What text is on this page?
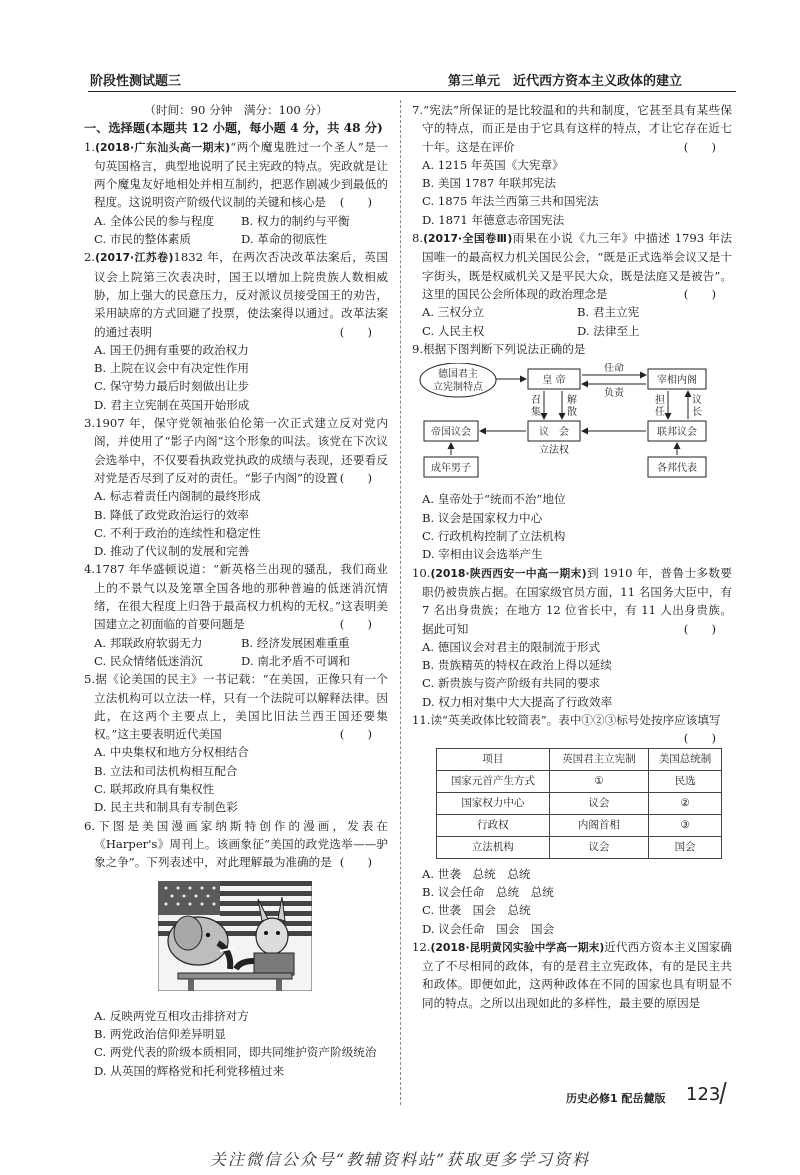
阶段性测试题三	第三单元　近代西方资本主义政体的建立

（时间：90 分钟　满分：100 分）

一、选择题(本题共 12 小题，每小题 4 分，共 48 分)

1.(2018·广东汕头高一期末)“两个魔鬼胜过一个圣人”是一句英国格言，典型地说明了民主宪政的特点。宪政就是让两个魔鬼友好地相处并相互制约，把恶作剧减少到最低的程度。这说明资产阶级代议制的关键和核心是 (　　)

A. 全体公民的参与程度	B. 权力的制约与平衡
C. 市民的整体素质	D. 革命的彻底性

2.(2017·江苏卷)1832 年，在两次否决改革法案后，英国议会上院第三次表决时，国王以增加上院贵族人数相威胁，加上强大的民意压力，反对派议员接受国王的劝告，采用缺席的方式回避了投票，使法案得以通过。改革法案的通过表明	(　　)

A. 国王仍拥有重要的政治权力

B. 上院在议会中有决定性作用

C. 保守势力最后时刻做出让步

D. 君主立宪制在英国开始形成

3.1907 年，保守党领袖张伯伦第一次正式建立反对党内阁，并使用了“影子内阁”这个形象的叫法。该党在下次议会选举中，不仅要看执政党执政的成绩与表现，还要看反对党是否尽到了反对的责任。“影子内阁”的设置 (　　)

A. 标志着责任内阁制的最终形成

B. 降低了政党政治运行的效率

C. 不利于政治的连续性和稳定性

D. 推动了代议制的发展和完善

4.1787 年华盛顿说道：“新英格兰出现的骚乱，我们商业上的不景气以及笼罩全国各地的那种普遍的低迷消沉情绪，在很大程度上归咎于最高权力机构的无权。”这表明美国建立之初面临的首要问题是	(　　)

A. 邦联政府软弱无力	B. 经济发展困难重重
C. 民众情绪低迷消沉	D. 南北矛盾不可调和

5.据《论美国的民主》一书记载：“在美国，正像只有一个立法机构可以立法一样，只有一个法院可以解释法律。因此，在这两个主要点上，美国比旧法兰西王国还要集权。”这主要表明近代美国	(　　)

A. 中央集权和地方分权相结合

B. 立法和司法机构相互配合

C. 联邦政府具有集权性

D. 民主共和制具有专制色彩

6.下图是美国漫画家纳斯特创作的漫画，发表在《Harper's》周刊上。该画象征“美国的政党选举——驴象之争”。下列表述中，对此理解最为准确的是 (　　)

A. 反映两党互相攻击排挤对方

B. 两党政治信仰差异明显

C. 两党代表的阶级本质相同，即共同维护资产阶级统治

D. 从英国的辉格党和托利党移植过来

7.“宪法”所保证的是比较温和的共和制度，它甚至具有某些保守的特点，而正是由于它具有这样的特点，才让它存在近七十年。这是在评价	(　　)

A. 1215 年英国《大宪章》

B. 美国 1787 年联邦宪法

C. 1875 年法兰西第三共和国宪法

D. 1871 年德意志帝国宪法

8.(2017·全国卷Ⅲ)雨果在小说《九三年》中描述 1793 年法国唯一的最高权力机关国民公会，“既是正式选举会议又是十字街头，既是权威机关又是平民大众，既是法庭又是被告”。这里的国民公会所体现的政治理念是	(　　)

A. 三权分立	B. 君主立宪
C. 人民主权	D. 法律至上

9.根据下图判断下列说法正确的是

德国君主
立宪制特点
皇 帝	宰相内阁
任命
负责
召
集
解
散
担
任
议
长
帝国议会	议　会	联邦议会
立法权
成年男子	各邦代表

A. 皇帝处于“统而不治”地位

B. 议会是国家权力中心

C. 行政机构控制了立法机构

D. 宰相由议会选举产生

10.(2018·陕西西安一中高一期末)到 1910 年，普鲁士多数要职仍被贵族占据。在国家级官员方面，11 名国务大臣中，有 7 名出身贵族；在地方 12 位省长中，有 11 人出身贵族。据此可知	(　　)

A. 德国议会对君主的限制流于形式

B. 贵族精英的特权在政治上得以延续

C. 新贵族与资产阶级有共同的要求

D. 权力相对集中大大提高了行政效率

11.读“英美政体比较简表”。表中①②③标号处按序应该填写
(　　)

项目	英国君主立宪制	美国总统制
国家元首产生方式	①	民选
国家权力中心	议会	②
行政权	内阁首相	③
立法机构	议会	国会

A. 世袭　总统　总统

B. 议会任命　总统　总统

C. 世袭　国会　总统

D. 议会任命　国会　国会

12.(2018·昆明黄冈实验中学高一期末)近代西方资本主义国家确立了不尽相同的政体，有的是君主立宪政体，有的是民主共和政体。即便如此，这两种政体在不同的国家也具有明显不同的特点。之所以出现如此的多样性，最主要的原因是

历史必修1 配岳麓版 123
关注微信公众号“教辅资料站”获取更多学习资料
